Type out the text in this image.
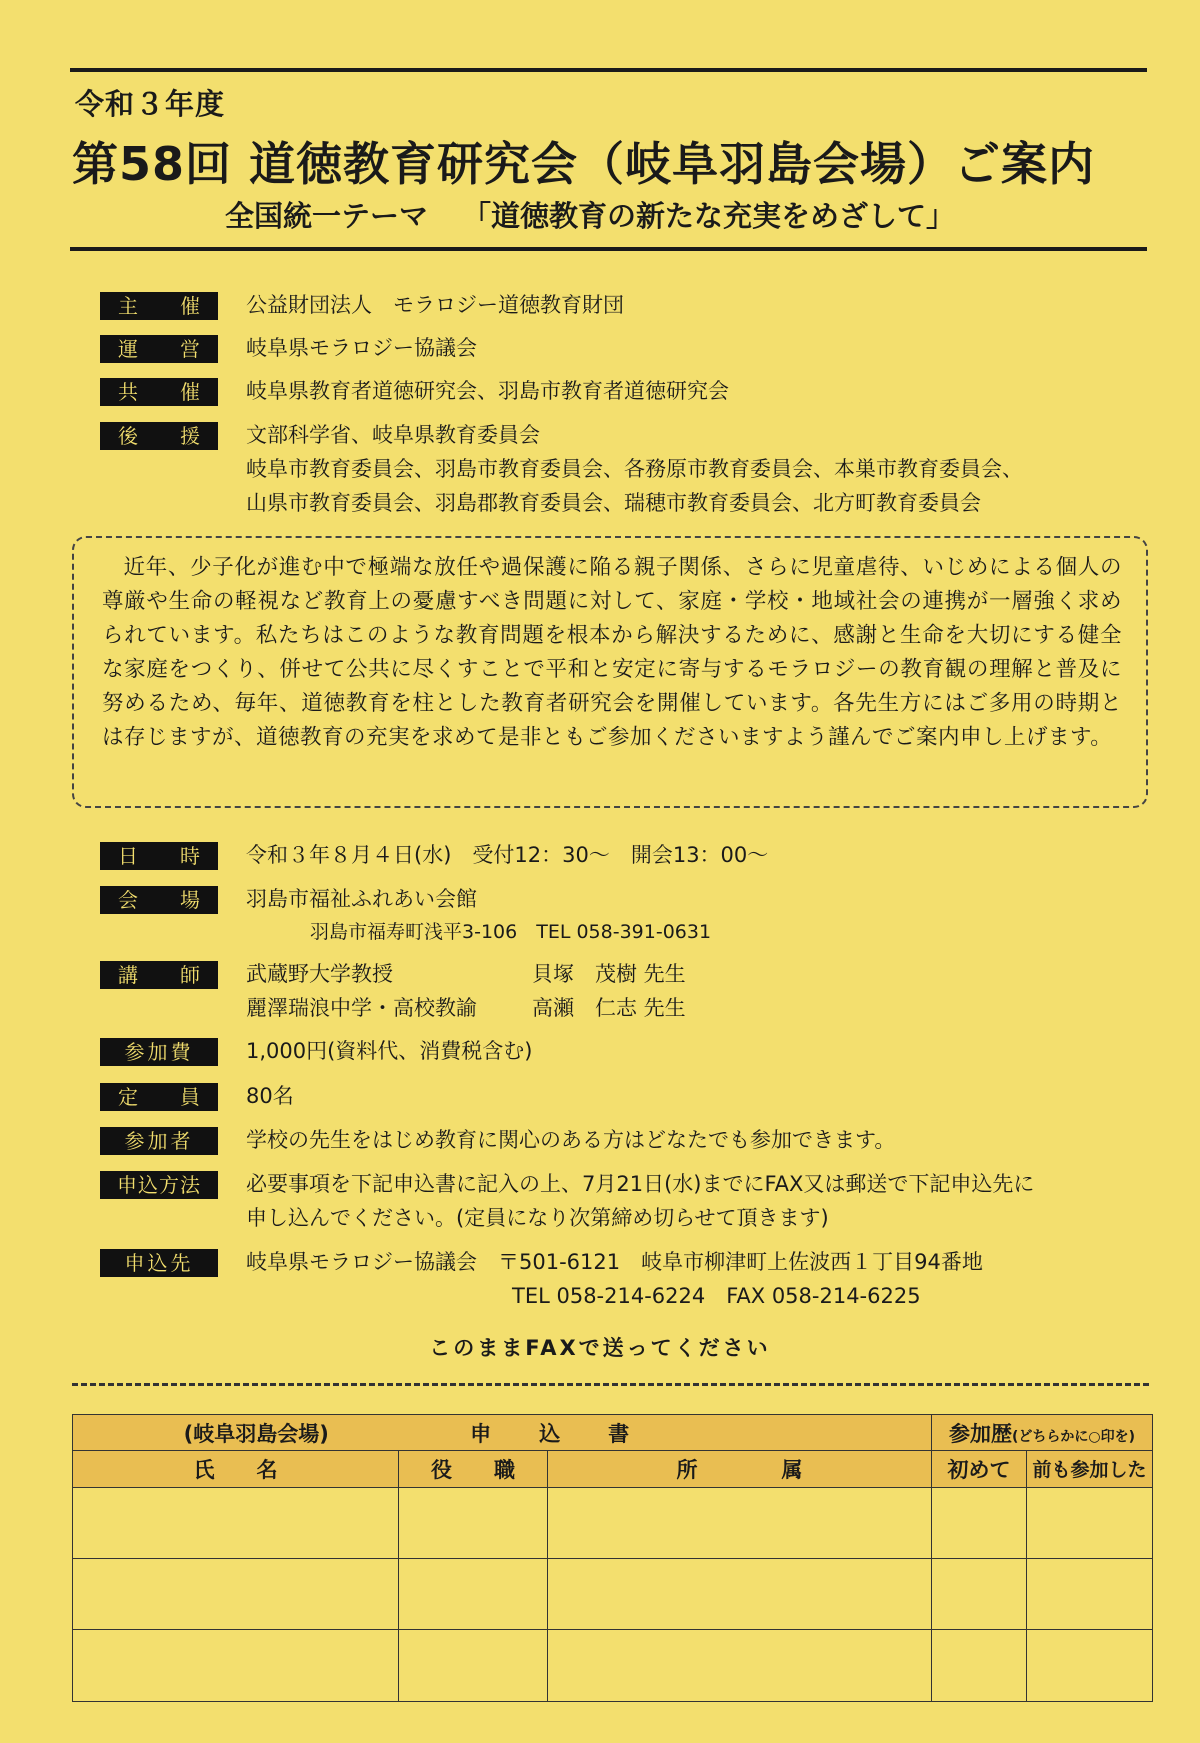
令和３年度
第58回 道徳教育研究会（岐阜羽島会場）ご案内
全国統一テーマ 「道徳教育の新たな充実をめざして」
主 催 公益財団法人　モラロジー道徳教育財団
運 営 岐阜県モラロジー協議会
共 催 岐阜県教育者道徳研究会、羽島市教育者道徳研究会
後 援 文部科学省、岐阜県教育委員会
岐阜市教育委員会、羽島市教育委員会、各務原市教育委員会、本巣市教育委員会、
山県市教育委員会、羽島郡教育委員会、瑞穂市教育委員会、北方町教育委員会

近年、少子化が進む中で極端な放任や過保護に陥る親子関係、さらに児童虐待、いじめによる個人の尊厳や生命の軽視など教育上の憂慮すべき問題に対して、家庭・学校・地域社会の連携が一層強く求められています。私たちはこのような教育問題を根本から解決するために、感謝と生命を大切にする健全な家庭をつくり、併せて公共に尽くすことで平和と安定に寄与するモラロジーの教育観の理解と普及に努めるため、毎年、道徳教育を柱とした教育者研究会を開催しています。各先生方にはご多用の時期とは存じますが、道徳教育の充実を求めて是非ともご参加くださいますよう謹んでご案内申し上げます。

日 時 令和３年８月４日(水)　受付12：30〜　開会13：00〜
会 場 羽島市福祉ふれあい会館
羽島市福寿町浅平3-106　TEL 058-391-0631
講 師 武蔵野大学教授	貝塚　茂樹 先生
麗澤瑞浪中学・高校教諭	高瀬　仁志 先生
参加費	1,000円(資料代、消費税含む)
定 員 80名
参加者	学校の先生をはじめ教育に関心のある方はどなたでも参加できます。
申込方法	必要事項を下記申込書に記入の上、7月21日(水)までにFAX又は郵送で下記申込先に
申し込んでください。(定員になり次第締め切らせて頂きます)
申込先	岐阜県モラロジー協議会　〒501-6121　岐阜市柳津町上佐波西１丁目94番地
TEL 058-214-6224　FAX 058-214-6225
このままFAXで送ってください
(岐阜羽島会場) 申 込 書			参加歴(どちらかに○印を)	
氏　　名	役　　職	所　　　　属	初めて	前も参加した
